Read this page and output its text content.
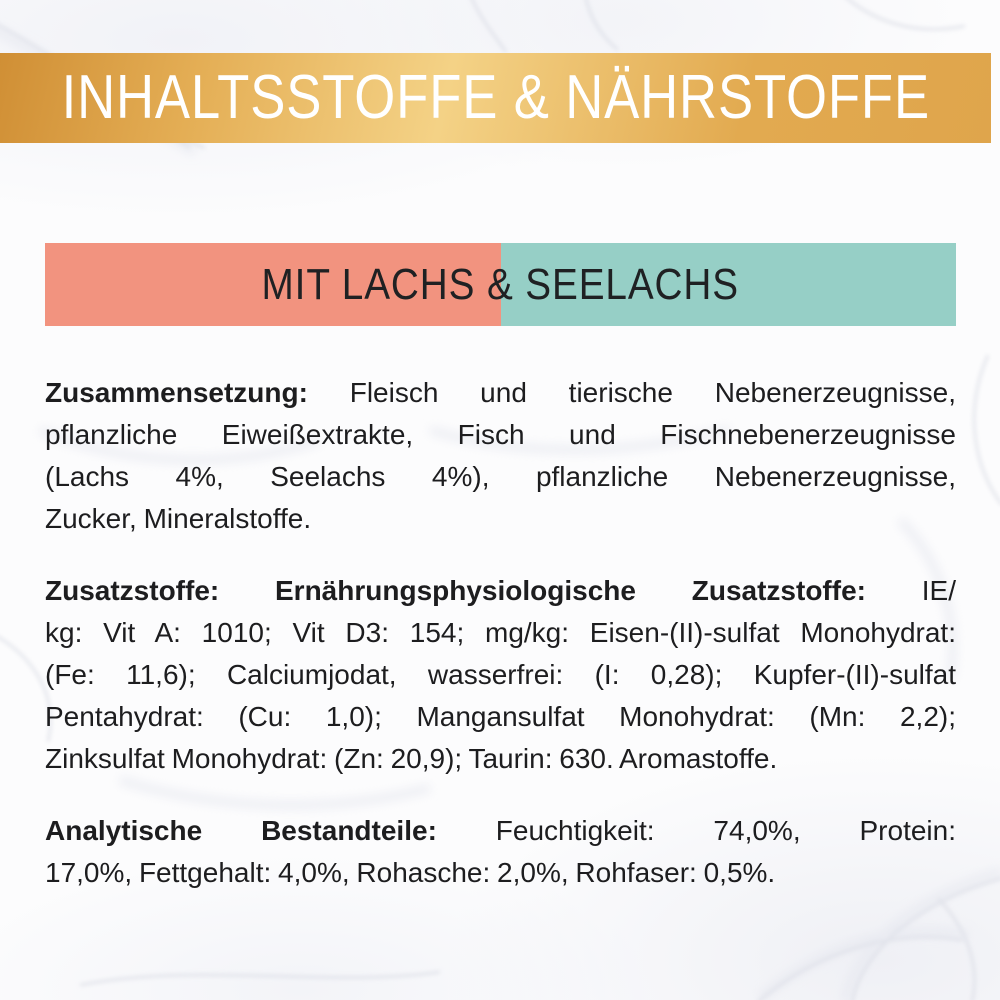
INHALTSSTOFFE & NÄHRSTOFFE
MIT LACHS & SEELACHS
Zusammensetzung: Fleisch und tierische Nebenerzeugnisse,
pflanzliche Eiweißextrakte, Fisch und Fischnebenerzeugnisse
(Lachs 4%, Seelachs 4%), pflanzliche Nebenerzeugnisse,
Zucker, Mineralstoffe.
Zusatzstoffe: Ernährungsphysiologische Zusatzstoffe: IE/
kg: Vit A: 1010; Vit D3: 154; mg/kg: Eisen-(II)-sulfat Monohydrat:
(Fe: 11,6); Calciumjodat, wasserfrei: (I: 0,28); Kupfer-(II)-sulfat
Pentahydrat: (Cu: 1,0); Mangansulfat Monohydrat: (Mn: 2,2);
Zinksulfat Monohydrat: (Zn: 20,9); Taurin: 630. Aromastoffe.
Analytische Bestandteile: Feuchtigkeit: 74,0%, Protein:
17,0%, Fettgehalt: 4,0%, Rohasche: 2,0%, Rohfaser: 0,5%.
